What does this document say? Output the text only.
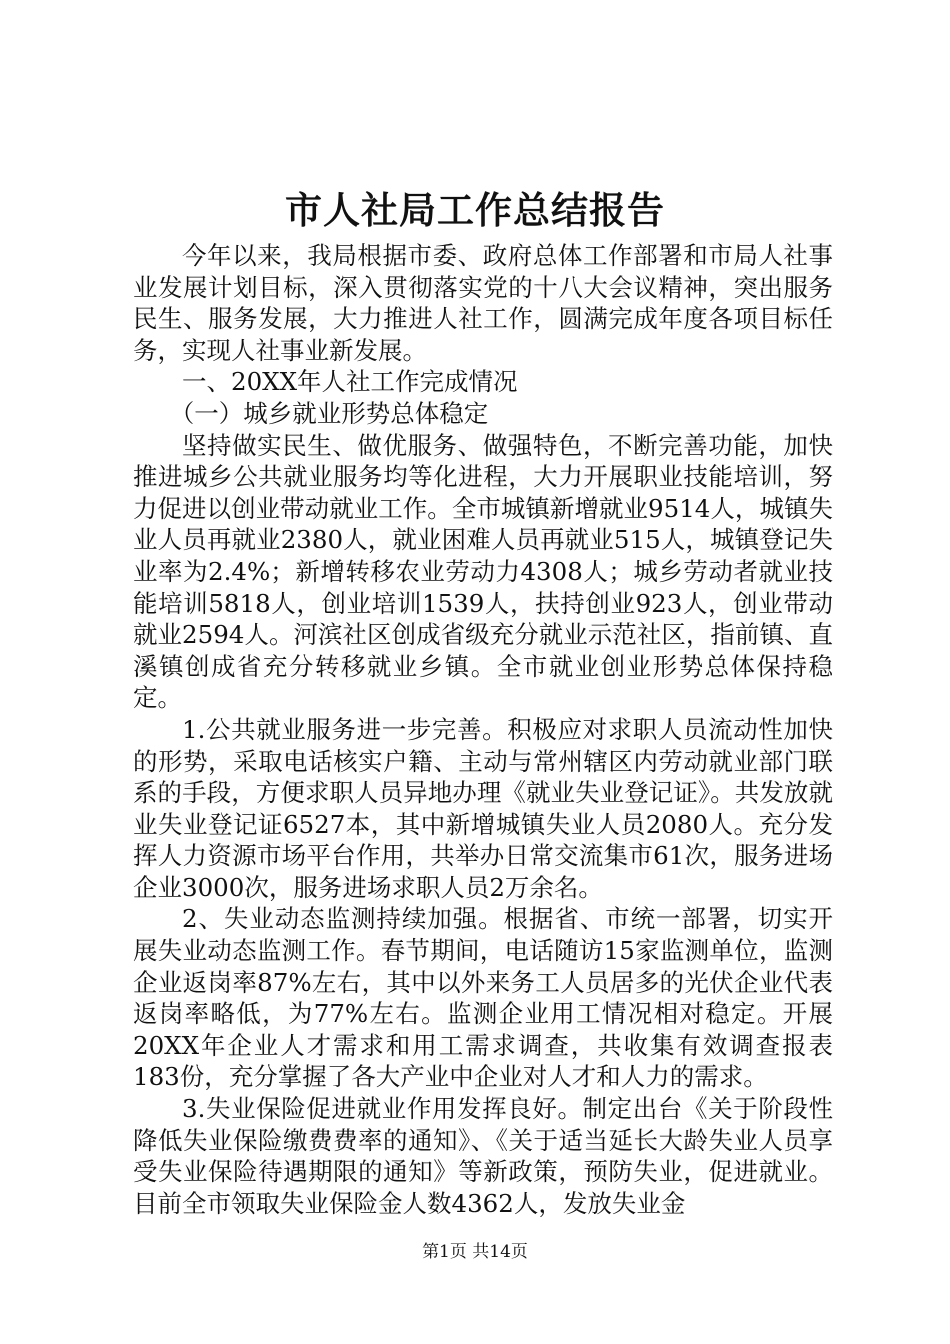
市人社局工作总结报告

今年以来，我局根据市委、政府总体工作部署和市局人社事业发展计划目标，深入贯彻落实党的十八大会议精神，突出服务民生、服务发展，大力推进人社工作，圆满完成年度各项目标任务，实现人社事业新发展。

一、20XX年人社工作完成情况

（一）城乡就业形势总体稳定

坚持做实民生、做优服务、做强特色，不断完善功能，加快推进城乡公共就业服务均等化进程，大力开展职业技能培训，努力促进以创业带动就业工作。全市城镇新增就业9514人，城镇失业人员再就业2380人，就业困难人员再就业515人，城镇登记失业率为2.4%；新增转移农业劳动力4308人；城乡劳动者就业技能培训5818人，创业培训1539人，扶持创业923人，创业带动就业2594人。河滨社区创成省级充分就业示范社区，指前镇、直溪镇创成省充分转移就业乡镇。全市就业创业形势总体保持稳定。

1.公共就业服务进一步完善。积极应对求职人员流动性加快的形势，采取电话核实户籍、主动与常州辖区内劳动就业部门联系的手段，方便求职人员异地办理《就业失业登记证》。共发放就业失业登记证6527本，其中新增城镇失业人员2080人。充分发挥人力资源市场平台作用，共举办日常交流集市61次，服务进场企业3000次，服务进场求职人员2万余名。

2、失业动态监测持续加强。根据省、市统一部署，切实开展失业动态监测工作。春节期间，电话随访15家监测单位，监测企业返岗率87%左右，其中以外来务工人员居多的光伏企业代表返岗率略低，为77%左右。监测企业用工情况相对稳定。开展20XX年企业人才需求和用工需求调查，共收集有效调查报表183份，充分掌握了各大产业中企业对人才和人力的需求。

3.失业保险促进就业作用发挥良好。制定出台《关于阶段性降低失业保险缴费费率的通知》、《关于适当延长大龄失业人员享受失业保险待遇期限的通知》等新政策，预防失业，促进就业。目前全市领取失业保险金人数4362人，发放失业金

第1页 共14页
